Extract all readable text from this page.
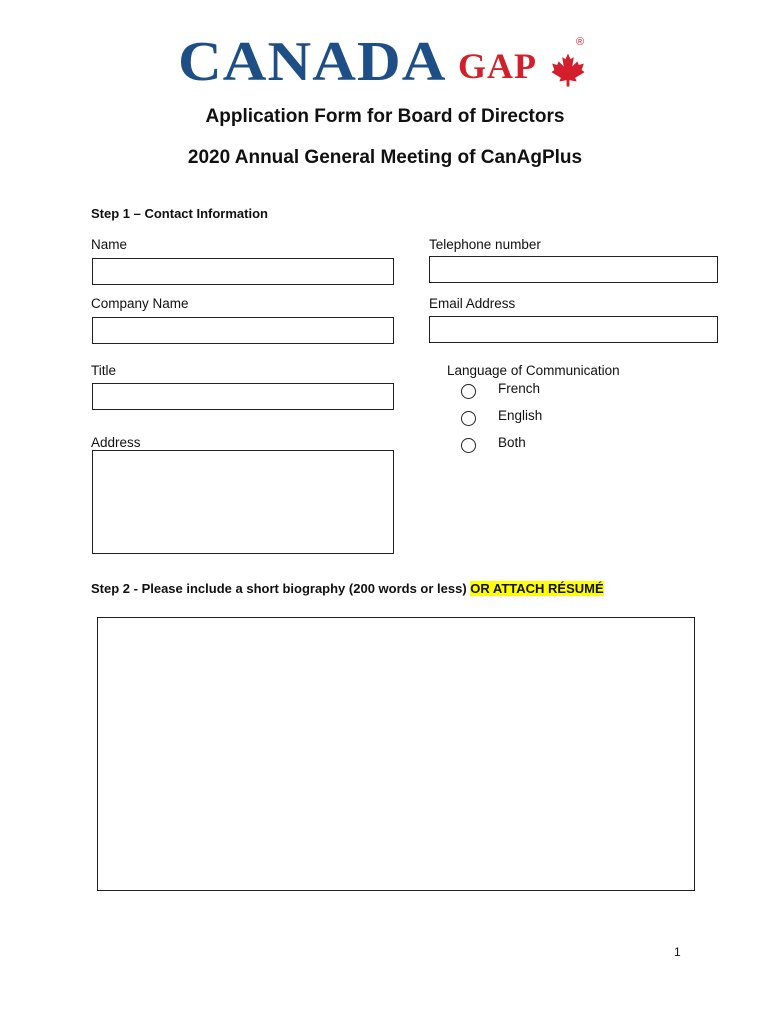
CANADA GAP
®
Application Form for Board of Directors
2020 Annual General Meeting of CanAgPlus
Step 1 – Contact Information
Name	Telephone number
Company Name	Email Address
Title
Address
Language of Communication
French
English
Both
Step 2 - Please include a short biography (200 words or less) OR ATTACH RÉSUMÉ
1
